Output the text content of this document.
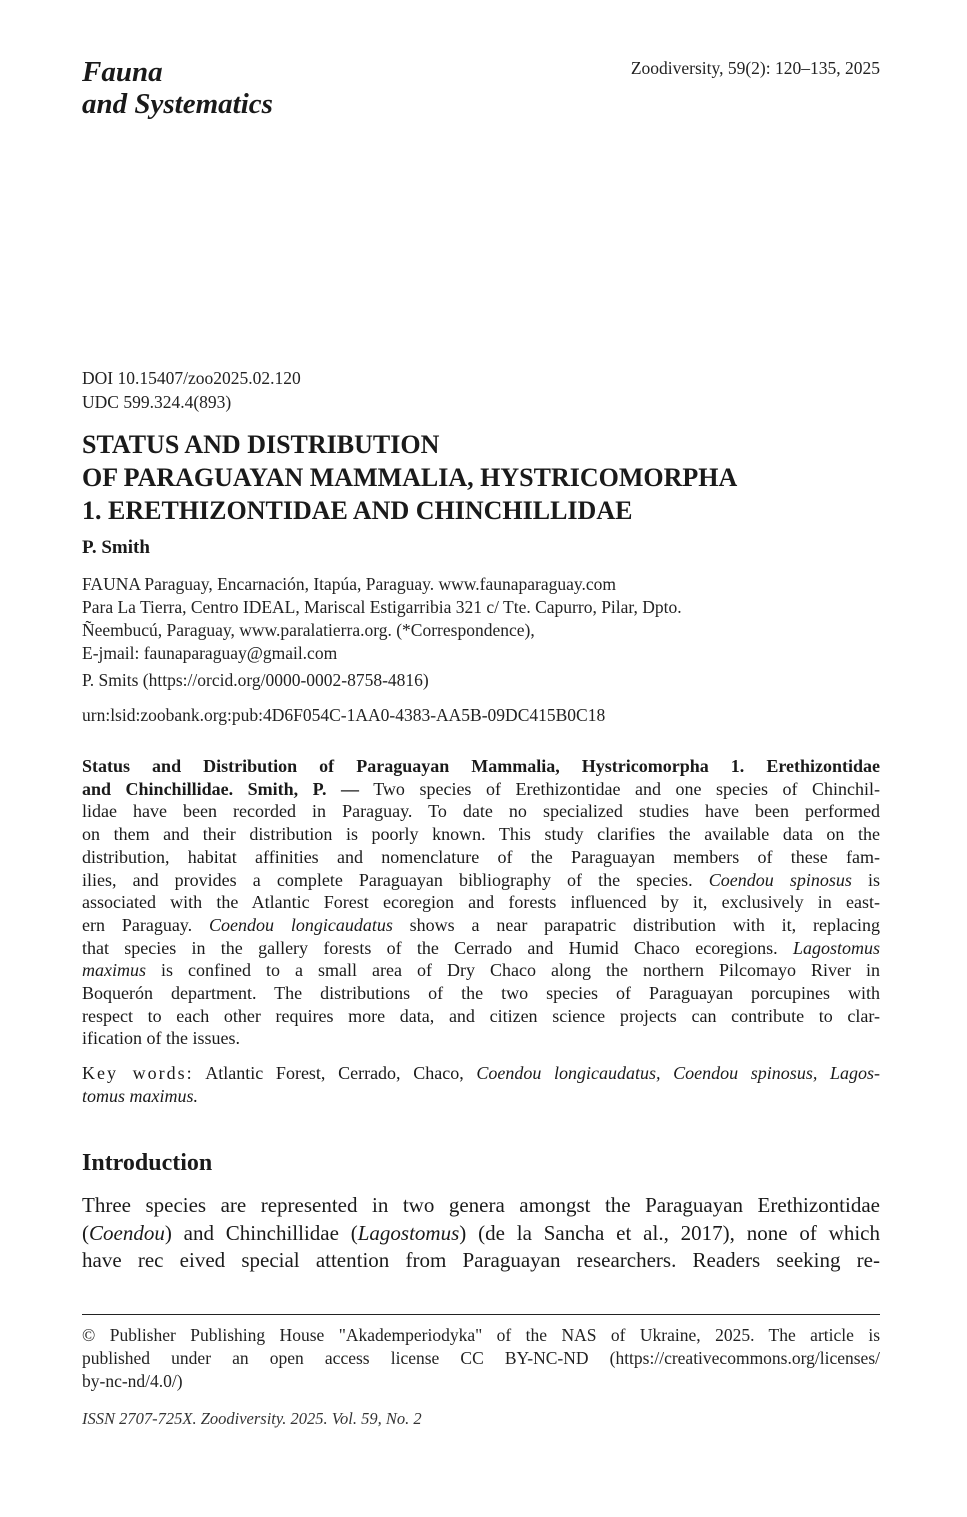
Fauna
and Systematics
Zoodiversity, 59(2): 120–135, 2025
DOI 10.15407/zoo2025.02.120
UDC 599.324.4(893)
STATUS AND DISTRIBUTION
OF PARAGUAYAN MAMMALIA, HYSTRICOMORPHA
1. ERETHIZONTIDAE AND CHINCHILLIDAE
P. Smith
FAUNA Paraguay, Encarnación, Itapúa, Paraguay. www.faunaparaguay.com
Para La Tierra, Centro IDEAL, Mariscal Estigarribia 321 c/ Tte. Capurro, Pilar, Dpto.
Ñeembucú, Paraguay, www.paralatierra.org. (*Correspondence),
E-jmail: faunaparaguay@gmail.com
P. Smits (https://orcid.org/0000-0002-8758-4816)
urn:lsid:zoobank.org:pub:4D6F054C-1AA0-4383-AA5B-09DC415B0C18
Status and Distribution of Paraguayan Mammalia, Hystricomorpha 1. Erethizontidae
and Chinchillidae. Smith, P. — Two species of Erethizontidae and one species of Chinchil-
lidae have been recorded in Paraguay. To date no specialized studies have been performed
on them and their distribution is poorly known. This study clarifies the available data on the
distribution, habitat affinities and nomenclature of the Paraguayan members of these fam-
ilies, and provides a complete Paraguayan bibliography of the species. Coendou spinosus is
associated with the Atlantic Forest ecoregion and forests influenced by it, exclusively in east-
ern Paraguay. Coendou longicaudatus shows a near parapatric distribution with it, replacing
that species in the gallery forests of the Cerrado and Humid Chaco ecoregions. Lagostomus
maximus is confined to a small area of Dry Chaco along the northern Pilcomayo River in
Boquerón department. The distributions of the two species of Paraguayan porcupines with
respect to each other requires more data, and citizen science projects can contribute to clar-
ification of the issues.
Key words: Atlantic Forest, Cerrado, Chaco, Coendou longicaudatus, Coendou spinosus, Lagos-
tomus maximus.
Introduction
Three species are represented in two genera amongst the Paraguayan Erethizontidae
(Coendou) and Chinchillidae (Lagostomus) (de la Sancha et al., 2017), none of which
have rec eived special attention from Paraguayan researchers. Readers seeking re-
© Publisher Publishing House "Akademperiodyka" of the NAS of Ukraine, 2025. The article is
published under an open access license CC BY-NC-ND (https://creativecommons.org/licenses/
by-nc-nd/4.0/)
ISSN 2707-725X. Zoodiversity. 2025. Vol. 59, No. 2
